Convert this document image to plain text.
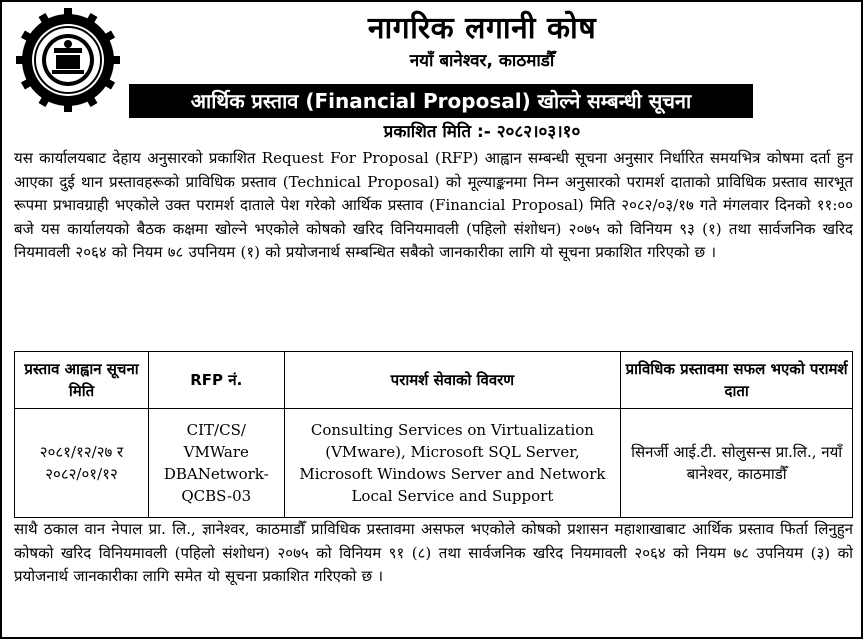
नागरिक लगानी कोष
नयाँ बानेश्वर, काठमाडौँ
आर्थिक प्रस्ताव (Financial Proposal) खोल्ने सम्बन्धी सूचना
प्रकाशित मिति :- २०८२।०३।१०
यस कार्यालयबाट देहाय अनुसारको प्रकाशित Request For Proposal (RFP) आह्वान सम्बन्धी सूचना अनुसार निर्धारित समयभित्र कोषमा दर्ता हुन आएका दुई थान प्रस्तावहरूको प्राविधिक प्रस्ताव (Technical Proposal) को मूल्याङ्कनमा निम्न अनुसारको परामर्श दाताको प्राविधिक प्रस्ताव सारभूत रूपमा प्रभावग्राही भएकोले उक्त परामर्श दाताले पेश गरेको आर्थिक प्रस्ताव (Financial Proposal) मिति २०८२/०३/१७ गते मंगलवार दिनको ११:०० बजे यस कार्यालयको बैठक कक्षमा खोल्ने भएकोले कोषको खरिद विनियमावली (पहिलो संशोधन) २०७५ को विनियम ९३ (१) तथा सार्वजनिक खरिद नियमावली २०६४ को नियम ७८ उपनियम (१) को प्रयोजनार्थ सम्बन्धित सबैको जानकारीका लागि यो सूचना प्रकाशित गरिएको छ ।
प्रस्ताव आह्वान सूचना मिति	RFP नं.	परामर्श सेवाको विवरण	प्राविधिक प्रस्तावमा सफल भएको परामर्श दाता
२०८१/१२/२७ र २०८२/०१/१२	CIT/CS/ VMWare DBANetwork-QCBS-03	Consulting Services on Virtualization (VMware), Microsoft SQL Server, Microsoft Windows Server and Network Local Service and Support	सिनर्जी आई.टी. सोलुसन्स प्रा.लि., नयाँ बानेश्वर, काठमाडौँ
साथै ठकाल वान नेपाल प्रा. लि., ज्ञानेश्वर, काठमाडौँ प्राविधिक प्रस्तावमा असफल भएकोले कोषको प्रशासन महाशाखाबाट आर्थिक प्रस्ताव फिर्ता लिनुहुन कोषको खरिद विनियमावली (पहिलो संशोधन) २०७५ को विनियम ९१ (८) तथा सार्वजनिक खरिद नियमावली २०६४ को नियम ७८ उपनियम (३) को प्रयोजनार्थ जानकारीका लागि समेत यो सूचना प्रकाशित गरिएको छ ।
